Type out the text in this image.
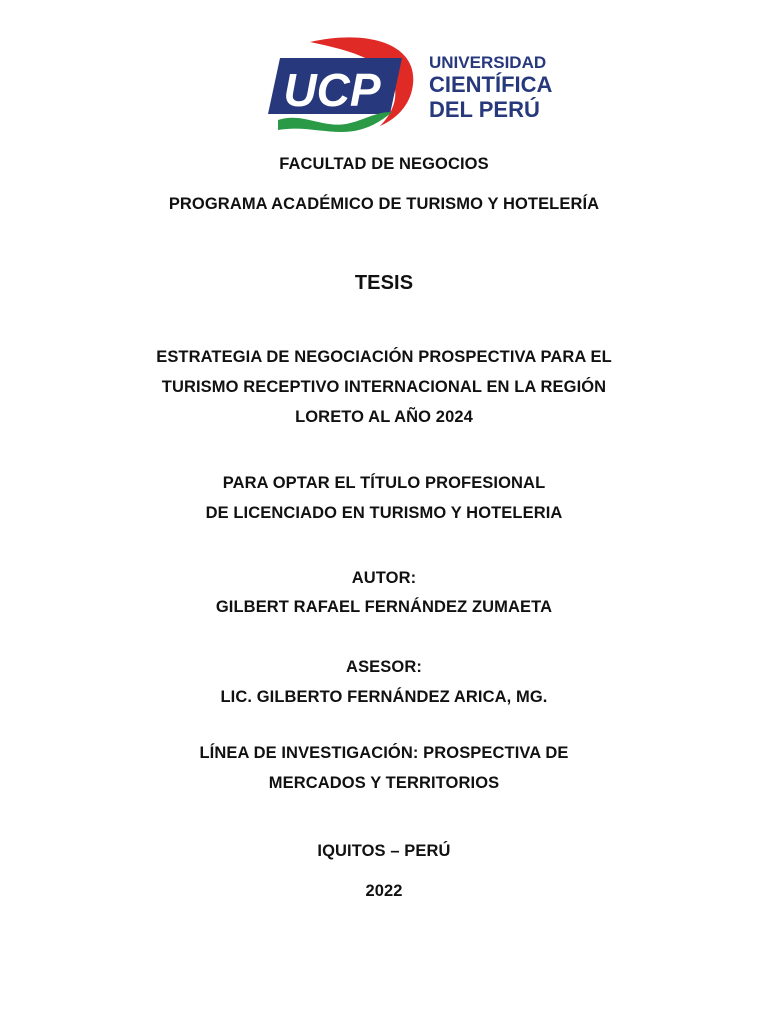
UCP
UNIVERSIDAD
CIENTÍFICA
DEL PERÚ
FACULTAD DE NEGOCIOS
PROGRAMA ACADÉMICO DE TURISMO Y HOTELERÍA
TESIS
ESTRATEGIA DE NEGOCIACIÓN PROSPECTIVA PARA EL
TURISMO RECEPTIVO INTERNACIONAL EN LA REGIÓN
LORETO AL AÑO 2024
PARA OPTAR EL TÍTULO PROFESIONAL
DE LICENCIADO EN TURISMO Y HOTELERIA
AUTOR:
GILBERT RAFAEL FERNÁNDEZ ZUMAETA
ASESOR:
LIC. GILBERTO FERNÁNDEZ ARICA, MG.
LÍNEA DE INVESTIGACIÓN: PROSPECTIVA DE
MERCADOS Y TERRITORIOS
IQUITOS – PERÚ
2022
